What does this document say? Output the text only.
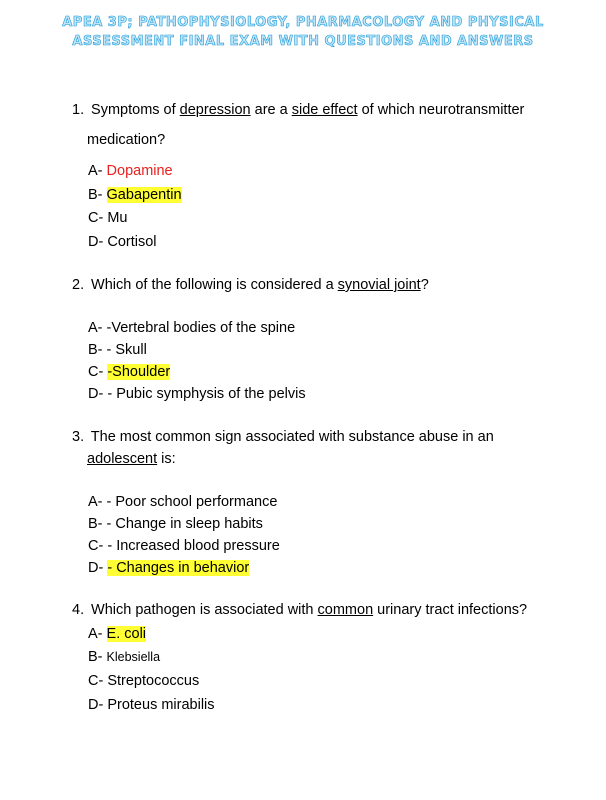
APEA 3P; PATHOPHYSIOLOGY, PHARMACOLOGY AND PHYSICAL
ASSESSMENT FINAL EXAM WITH QUESTIONS AND ANSWERS
1. Symptoms of depression are a side effect of which neurotransmitter
medication?
A- Dopamine
B- Gabapentin
C- Mu
D- Cortisol
2. Which of the following is considered a synovial joint?
A- -Vertebral bodies of the spine
B- - Skull
C- -Shoulder
D- - Pubic symphysis of the pelvis
3. The most common sign associated with substance abuse in an
adolescent is:
A- - Poor school performance
B- - Change in sleep habits
C- - Increased blood pressure
D- - Changes in behavior
4. Which pathogen is associated with common urinary tract infections?
A- E. coli
B- Klebsiella
C- Streptococcus
D- Proteus mirabilis
